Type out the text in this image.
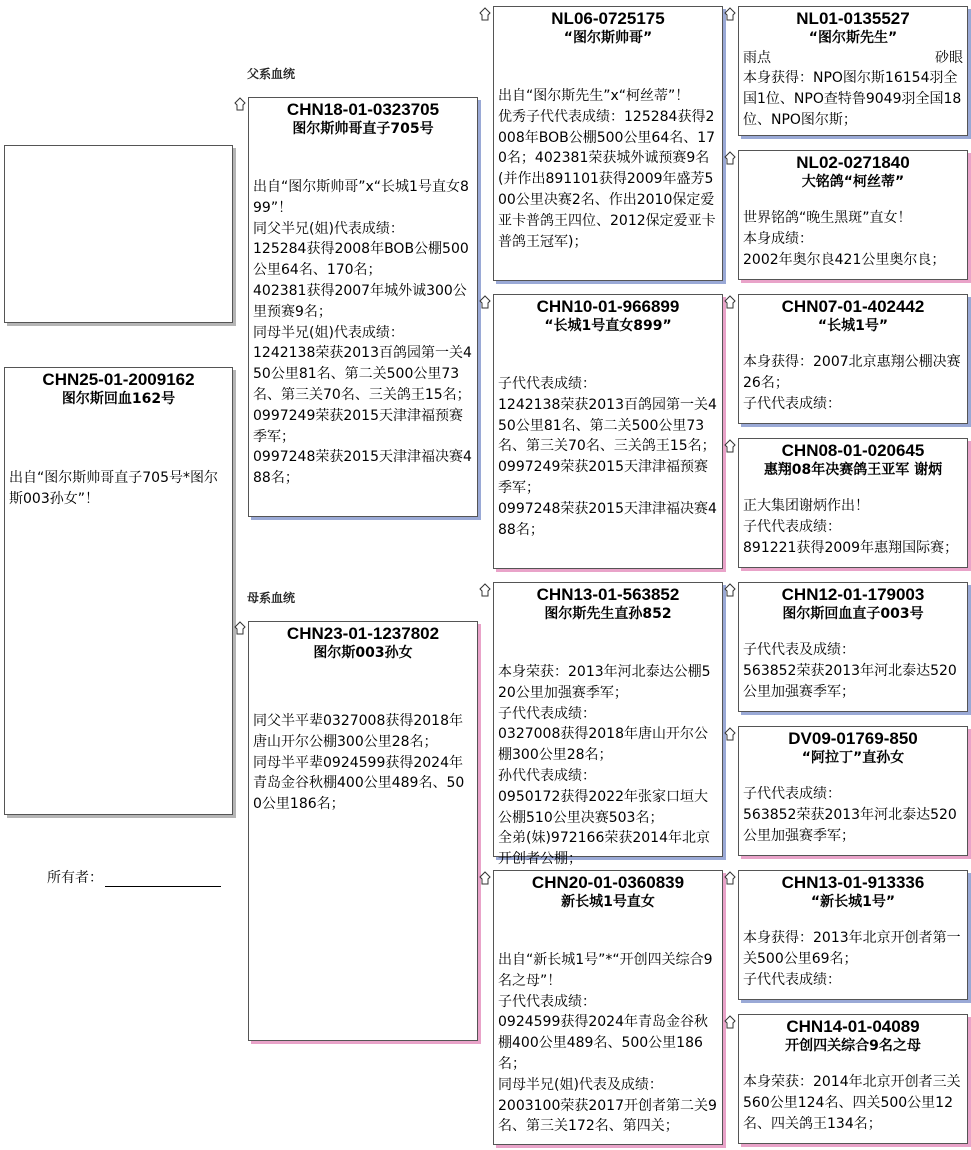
CHN25-01-2009162
图尔斯回血162号
出自“图尔斯帅哥直子705号*图尔斯003孙女”！
所有者：
父系血统
母系血统
CHN18-01-0323705
图尔斯帅哥直子705号
出自“图尔斯帅哥”x“长城1号直女899”！
同父半兄(姐)代表成绩：
125284获得2008年BOB公棚500公里64名、170名；
402381获得2007年城外诚300公里预赛9名；
同母半兄(姐)代表成绩：
1242138荣获2013百鸽园第一关450公里81名、第二关500公里73名、第三关70名、三关鸽王15名；
0997249荣获2015天津津福预赛季军；
0997248荣获2015天津津福决赛488名；
CHN23-01-1237802
图尔斯003孙女
同父半平辈0327008获得2018年唐山开尔公棚300公里28名；
同母半平辈0924599获得2024年青岛金谷秋棚400公里489名、500公里186名；
NL06-0725175
“图尔斯帅哥”
出自“图尔斯先生”x“柯丝蒂”！
优秀子代代表成绩：125284获得2008年BOB公棚500公里64名、170名；402381荣获城外诚预赛9名(并作出891101获得2009年盛芳500公里决赛2名、作出2010保定爱亚卡普鸽王四位、2012保定爱亚卡普鸽王冠军)；
CHN10-01-966899
“长城1号直女899”
子代代表成绩：
1242138荣获2013百鸽园第一关450公里81名、第二关500公里73名、第三关70名、三关鸽王15名；
0997249荣获2015天津津福预赛季军；
0997248荣获2015天津津福决赛488名；
CHN13-01-563852
图尔斯先生直孙852
本身荣获：2013年河北泰达公棚520公里加强赛季军；
子代代表成绩：
0327008获得2018年唐山开尔公棚300公里28名；
孙代代表成绩：
0950172获得2022年张家口垣大公棚510公里决赛503名；
全弟(妹)972166荣获2014年北京开创者公棚；
CHN20-01-0360839
新长城1号直女
出自“新长城1号”*“开创四关综合9名之母”！
子代代表成绩：
0924599获得2024年青岛金谷秋棚400公里489名、500公里186名；
同母半兄(姐)代表及成绩：
2003100荣获2017开创者第二关9名、第三关172名、第四关；
NL01-0135527
“图尔斯先生”
雨点	砂眼
本身获得：NPO图尔斯16154羽全国1位、NPO查特鲁9049羽全国18位、NPO图尔斯；
NL02-0271840
大铭鸽“柯丝蒂”
世界铭鸽“晚生黑斑”直女！
本身成绩：
2002年奥尔良421公里奥尔良；
CHN07-01-402442
“长城1号”
本身获得：2007北京惠翔公棚决赛26名；
子代代表成绩：
CHN08-01-020645
惠翔08年决赛鸽王亚军 谢炳
正大集团谢炳作出！
子代代表成绩：
891221获得2009年惠翔国际赛；
CHN12-01-179003
图尔斯回血直子003号
子代代表及成绩：
563852荣获2013年河北泰达520公里加强赛季军；
DV09-01769-850
“阿拉丁”直孙女
子代代表成绩：
563852荣获2013年河北泰达520公里加强赛季军；
CHN13-01-913336
“新长城1号”
本身获得：2013年北京开创者第一关500公里69名；
子代代表成绩：
CHN14-01-04089
开创四关综合9名之母
本身荣获：2014年北京开创者三关560公里124名、四关500公里12名、四关鸽王134名；
